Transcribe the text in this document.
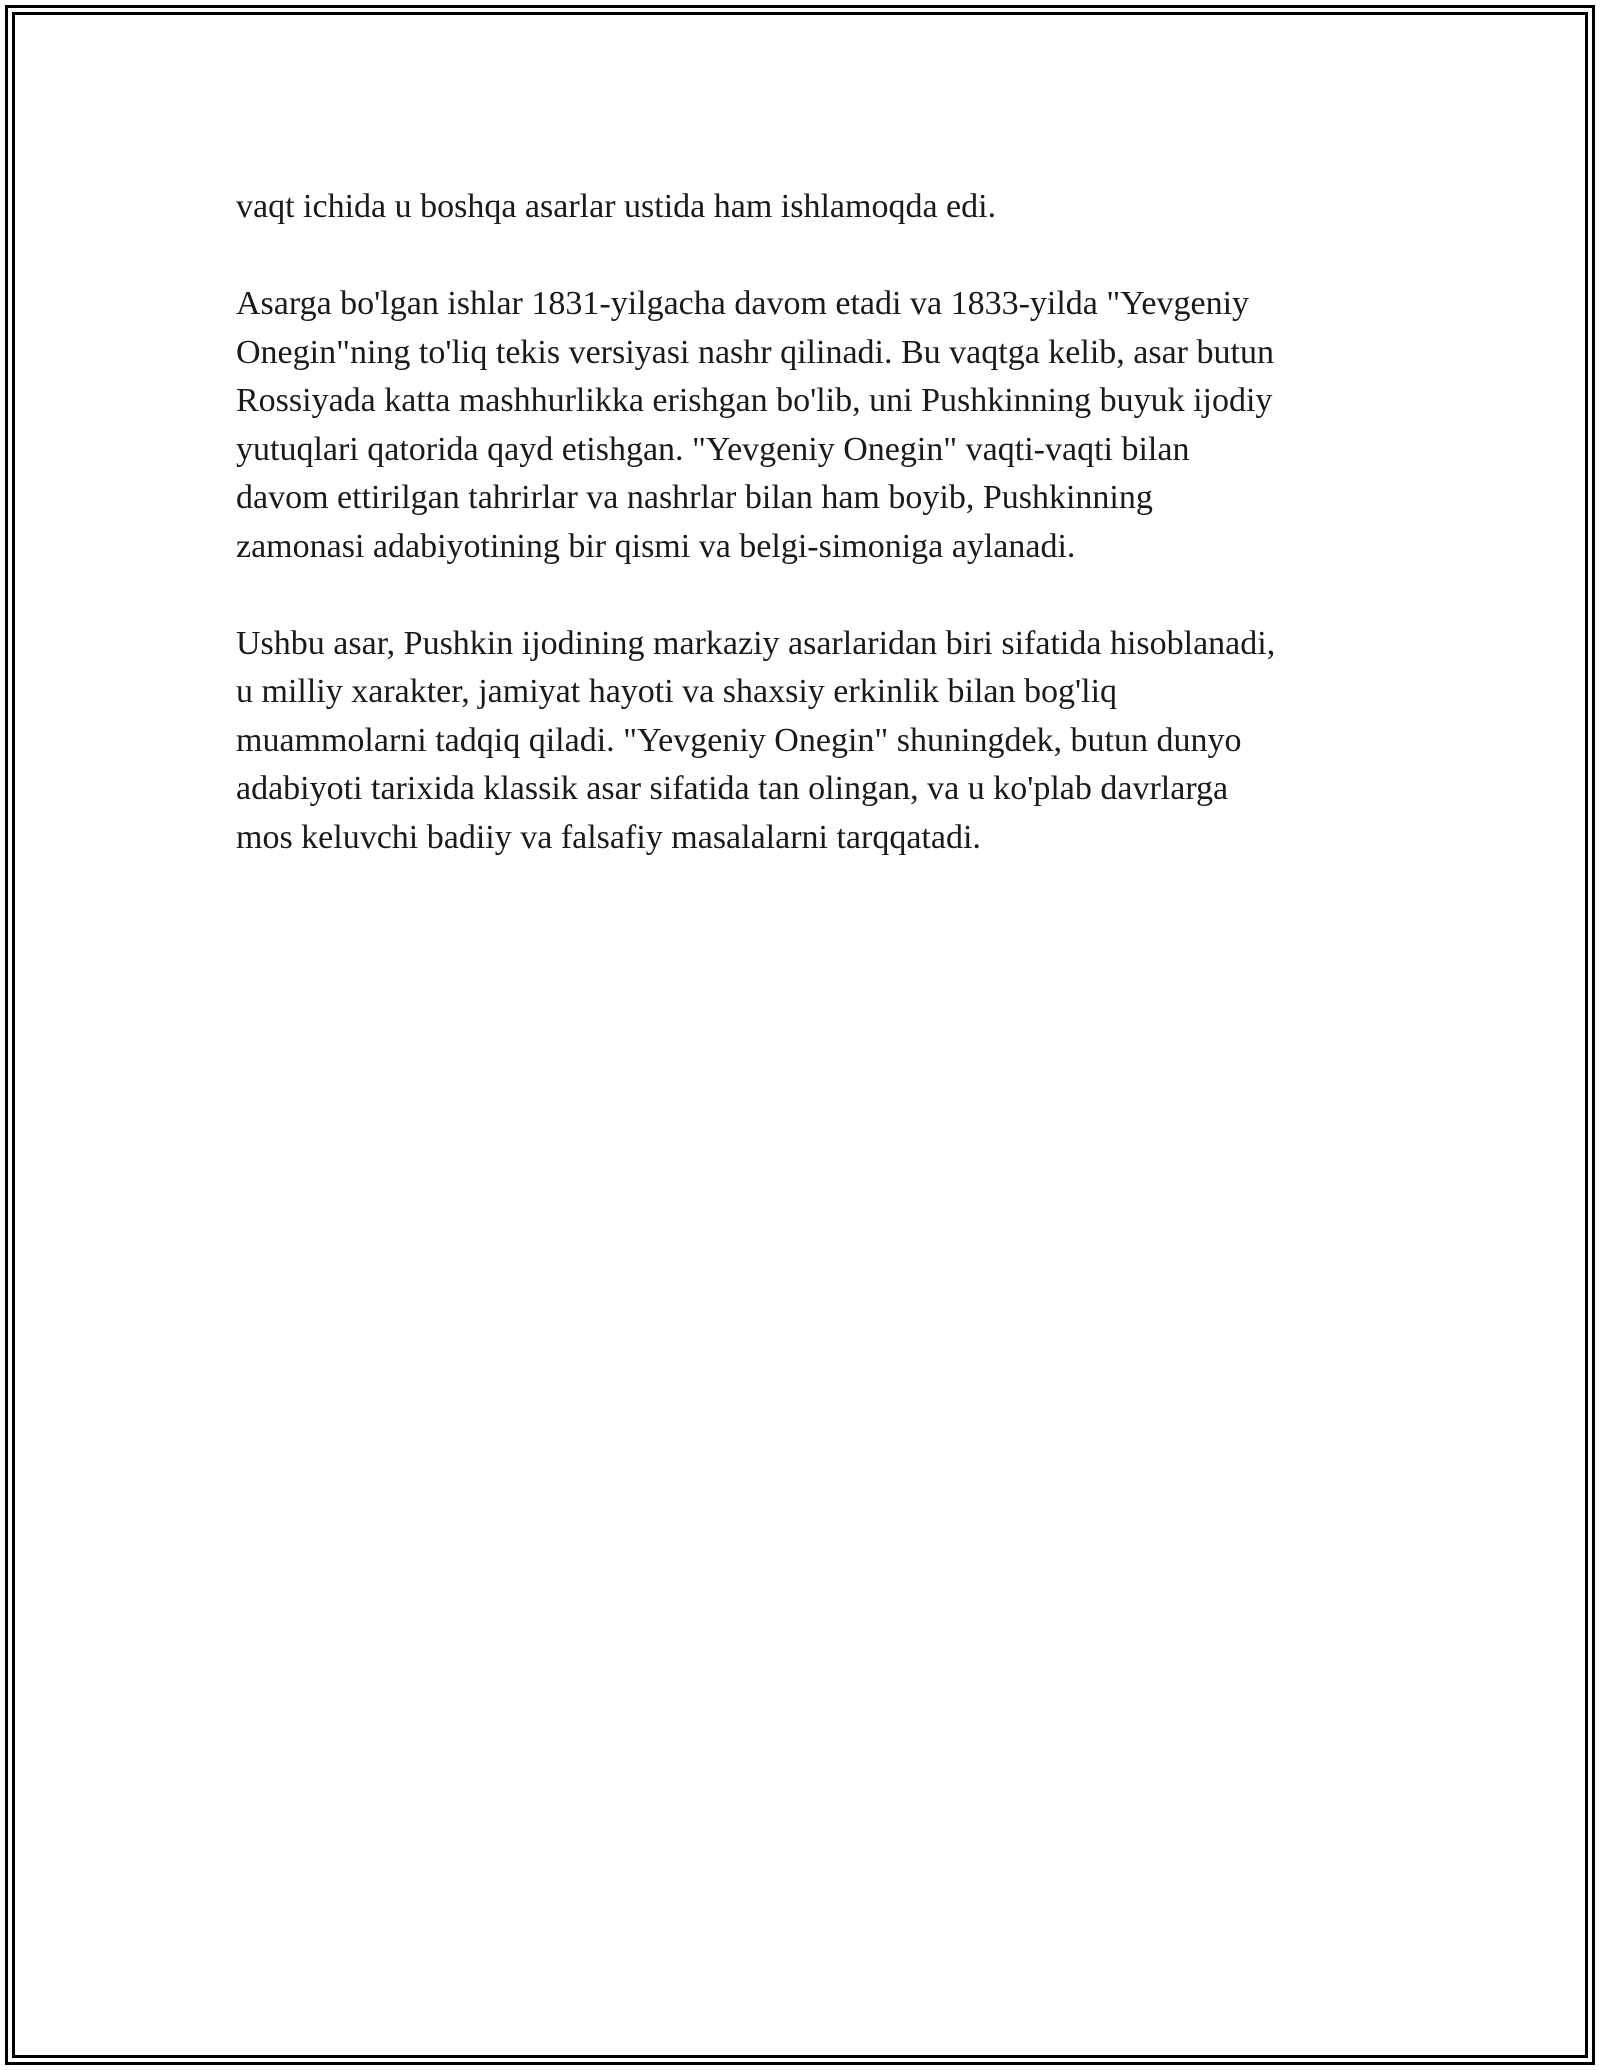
vaqt ichida u boshqa asarlar ustida ham ishlamoqda edi.

Asarga bo'lgan ishlar 1831-yilgacha davom etadi va 1833-yilda "Yevgeniy
Onegin"ning to'liq tekis versiyasi nashr qilinadi. Bu vaqtga kelib, asar butun
Rossiyada katta mashhurlikka erishgan bo'lib, uni Pushkinning buyuk ijodiy
yutuqlari qatorida qayd etishgan. "Yevgeniy Onegin" vaqti-vaqti bilan
davom ettirilgan tahrirlar va nashrlar bilan ham boyib, Pushkinning
zamonasi adabiyotining bir qismi va belgi-simoniga aylanadi.

Ushbu asar, Pushkin ijodining markaziy asarlaridan biri sifatida hisoblanadi,
u milliy xarakter, jamiyat hayoti va shaxsiy erkinlik bilan bog'liq
muammolarni tadqiq qiladi. "Yevgeniy Onegin" shuningdek, butun dunyo
adabiyoti tarixida klassik asar sifatida tan olingan, va u ko'plab davrlarga
mos keluvchi badiiy va falsafiy masalalarni tarqqatadi.
